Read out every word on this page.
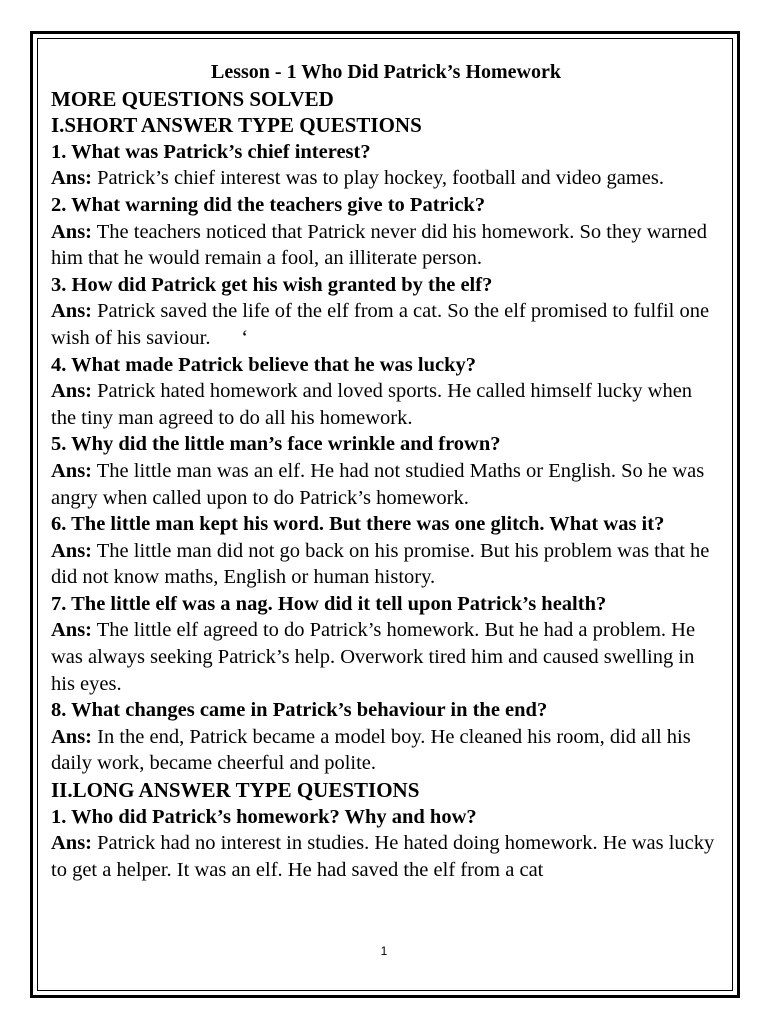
Lesson - 1 Who Did Patrick’s Homework
MORE QUESTIONS SOLVED
I.SHORT ANSWER TYPE QUESTIONS
1. What was Patrick’s chief interest?
Ans: Patrick’s chief interest was to play hockey, football and video games.
2. What warning did the teachers give to Patrick?
Ans: The teachers noticed that Patrick never did his homework. So they warned him that he would remain a fool, an illiterate person.
3. How did Patrick get his wish granted by the elf?
Ans: Patrick saved the life of the elf from a cat. So the elf promised to fulfil one wish of his saviour.      ‘
4. What made Patrick believe that he was lucky?
Ans: Patrick hated homework and loved sports. He called himself lucky when the tiny man agreed to do all his homework.
5. Why did the little man’s face wrinkle and frown?
Ans: The little man was an elf. He had not studied Maths or English. So he was angry when called upon to do Patrick’s homework.
6. The little man kept his word. But there was one glitch. What was it?
Ans: The little man did not go back on his promise. But his problem was that he did not know maths, English or human history.
7. The little elf was a nag. How did it tell upon Patrick’s health?
Ans: The little elf agreed to do Patrick’s homework. But he had a problem. He was always seeking Patrick’s help. Overwork tired him and caused swelling in his eyes.
8. What changes came in Patrick’s behaviour in the end?
Ans: In the end, Patrick became a model boy. He cleaned his room, did all his daily work, became cheerful and polite.
II.LONG ANSWER TYPE QUESTIONS
1. Who did Patrick’s homework? Why and how?
Ans: Patrick had no interest in studies. He hated doing homework. He was lucky to get a helper. It was an elf. He had saved the elf from a cat
1
